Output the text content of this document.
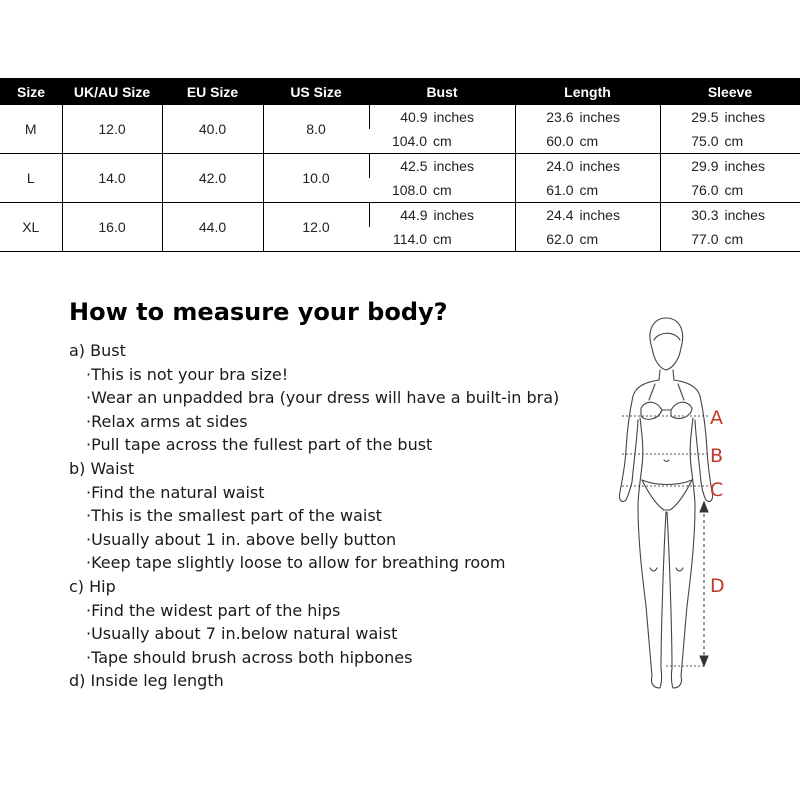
Size	UK/AU Size	EU Size	US Size	Bust	Length	Sleeve
M	12.0	40.0	8.0	40.9 inches	23.6 inches	29.5 inches
				104.0 cm	60.0 cm	75.0 cm
L	14.0	42.0	10.0	42.5 inches	24.0 inches	29.9 inches
				108.0 cm	61.0 cm	76.0 cm
XL	16.0	44.0	12.0	44.9 inches	24.4 inches	30.3 inches
				114.0 cm	62.0 cm	77.0 cm
How to measure your body?
a) Bust
·This is not your bra size!
·Wear an unpadded bra (your dress will have a built-in bra)
·Relax arms at sides
·Pull tape across the fullest part of the bust
b) Waist
·Find the natural waist
·This is the smallest part of the waist
·Usually about 1 in. above belly button
·Keep tape slightly loose to allow for breathing room
c) Hip
·Find the widest part of the hips
·Usually about 7 in.below natural waist
·Tape should brush across both hipbones
d) Inside leg length
A
B
C
D
